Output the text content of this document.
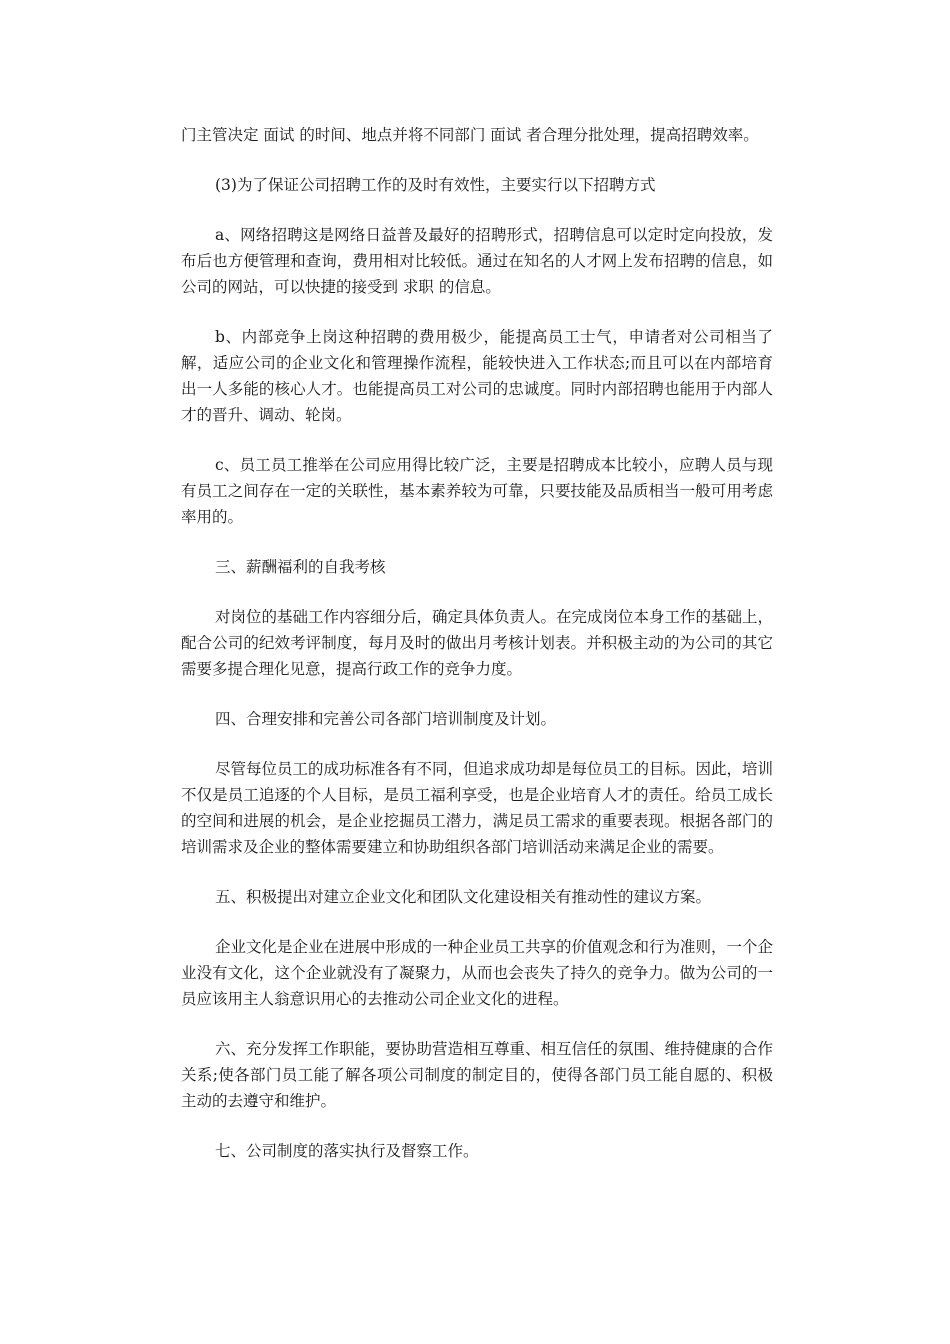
门主管决定 面试 的时间、地点并将不同部门 面试 者合理分批处理，提高招聘效率。

(3)为了保证公司招聘工作的及时有效性，主要实行以下招聘方式

a、网络招聘这是网络日益普及最好的招聘形式，招聘信息可以定时定向投放，发布后也方便管理和查询，费用相对比较低。通过在知名的人才网上发布招聘的信息，如公司的网站，可以快捷的接受到 求职 的信息。

b、内部竞争上岗这种招聘的费用极少，能提高员工士气，申请者对公司相当了解，适应公司的企业文化和管理操作流程，能较快进入工作状态;而且可以在内部培育出一人多能的核心人才。也能提高员工对公司的忠诚度。同时内部招聘也能用于内部人才的晋升、调动、轮岗。

c、员工员工推举在公司应用得比较广泛，主要是招聘成本比较小，应聘人员与现有员工之间存在一定的关联性，基本素养较为可靠，只要技能及品质相当一般可用考虑率用的。

三、薪酬福利的自我考核

对岗位的基础工作内容细分后，确定具体负责人。在完成岗位本身工作的基础上，配合公司的纪效考评制度，每月及时的做出月考核计划表。并积极主动的为公司的其它需要多提合理化见意，提高行政工作的竞争力度。

四、合理安排和完善公司各部门培训制度及计划。

尽管每位员工的成功标准各有不同，但追求成功却是每位员工的目标。因此，培训不仅是员工追逐的个人目标，是员工福利享受，也是企业培育人才的责任。给员工成长的空间和进展的机会，是企业挖掘员工潜力，满足员工需求的重要表现。根据各部门的培训需求及企业的整体需要建立和协助组织各部门培训活动来满足企业的需要。

五、积极提出对建立企业文化和团队文化建设相关有推动性的建议方案。

企业文化是企业在进展中形成的一种企业员工共享的价值观念和行为准则，一个企业没有文化，这个企业就没有了凝聚力，从而也会丧失了持久的竞争力。做为公司的一员应该用主人翁意识用心的去推动公司企业文化的进程。

六、充分发挥工作职能，要协助营造相互尊重、相互信任的氛围、维持健康的合作关系;使各部门员工能了解各项公司制度的制定目的，使得各部门员工能自愿的、积极主动的去遵守和维护。

七、公司制度的落实执行及督察工作。
